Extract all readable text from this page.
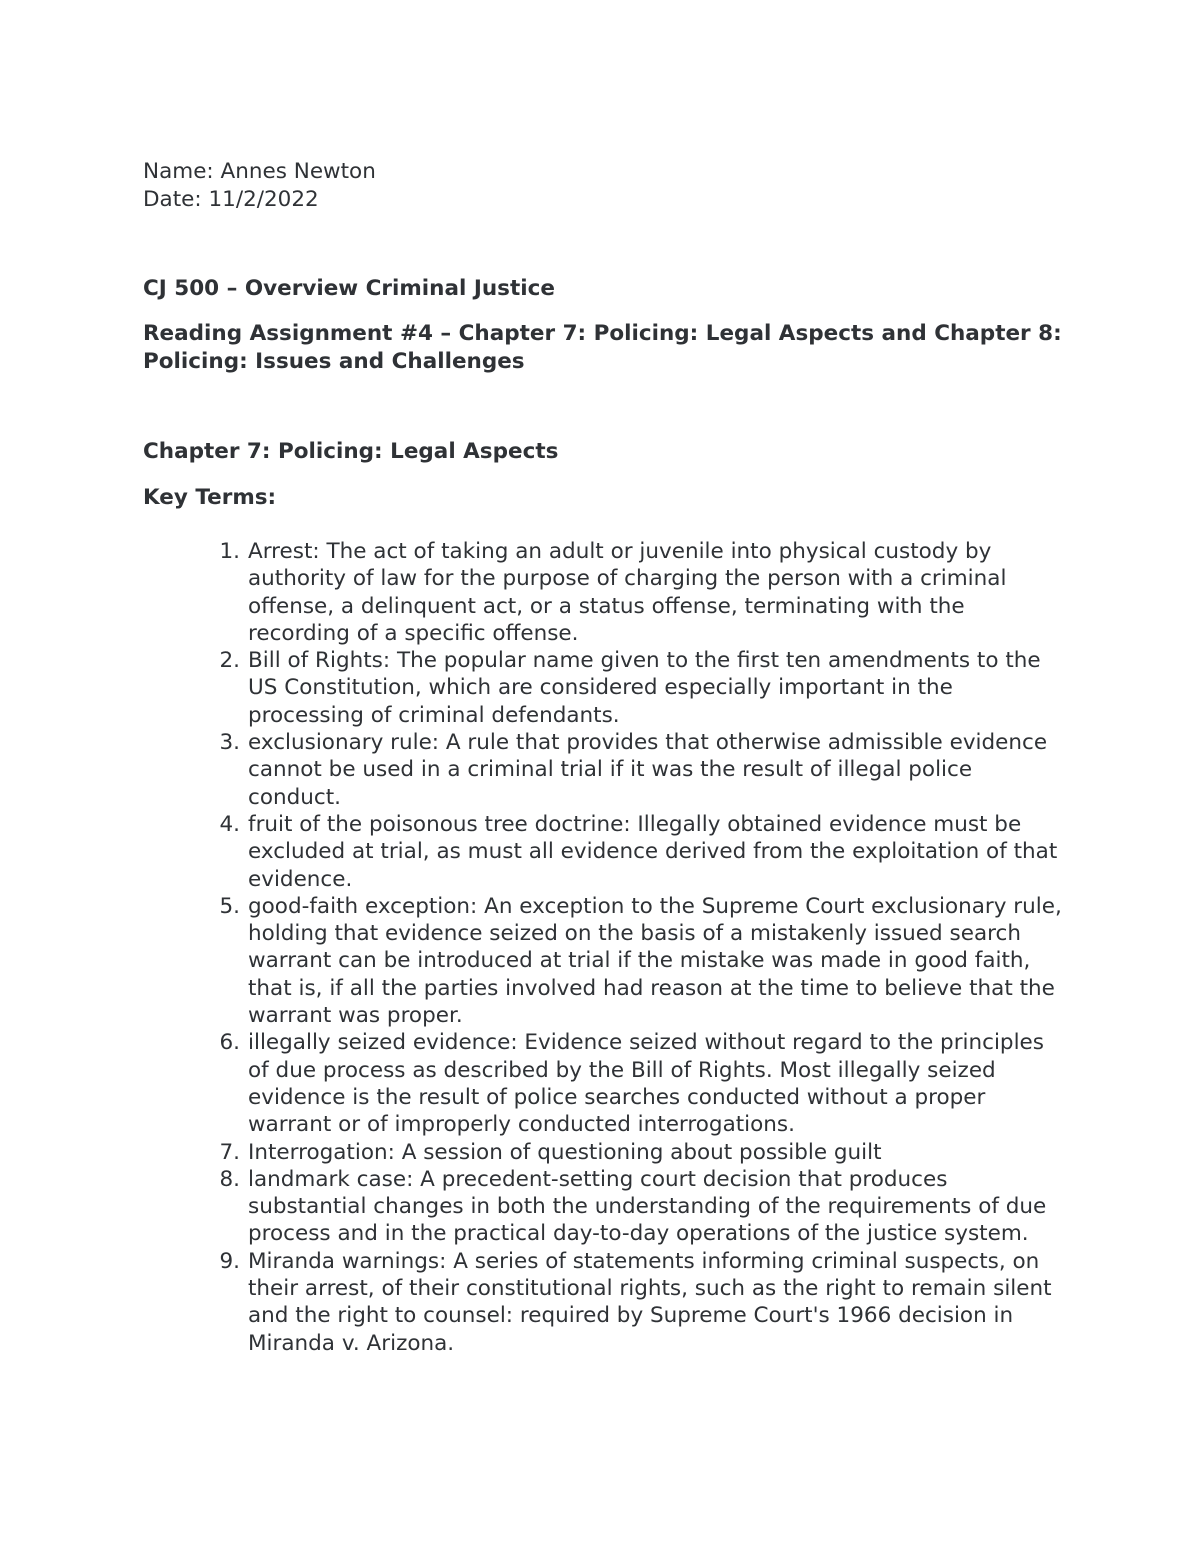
Name: Annes Newton
Date: 11/2/2022
CJ 500 – Overview Criminal Justice
Reading Assignment #4 – Chapter 7: Policing: Legal Aspects and Chapter 8: Policing: Issues and Challenges
Chapter 7: Policing: Legal Aspects
Key Terms:
1. Arrest: The act of taking an adult or juvenile into physical custody by authority of law for the purpose of charging the person with a criminal offense, a delinquent act, or a status offense, terminating with the recording of a specific offense.
2. Bill of Rights: The popular name given to the first ten amendments to the US Constitution, which are considered especially important in the processing of criminal defendants.
3. exclusionary rule: A rule that provides that otherwise admissible evidence cannot be used in a criminal trial if it was the result of illegal police conduct.
4. fruit of the poisonous tree doctrine: Illegally obtained evidence must be excluded at trial, as must all evidence derived from the exploitation of that evidence.
5. good-faith exception: An exception to the Supreme Court exclusionary rule, holding that evidence seized on the basis of a mistakenly issued search warrant can be introduced at trial if the mistake was made in good faith, that is, if all the parties involved had reason at the time to believe that the warrant was proper.
6. illegally seized evidence: Evidence seized without regard to the principles of due process as described by the Bill of Rights. Most illegally seized evidence is the result of police searches conducted without a proper warrant or of improperly conducted interrogations.
7. Interrogation: A session of questioning about possible guilt
8. landmark case: A precedent-setting court decision that produces substantial changes in both the understanding of the requirements of due process and in the practical day-to-day operations of the justice system.
9. Miranda warnings: A series of statements informing criminal suspects, on their arrest, of their constitutional rights, such as the right to remain silent and the right to counsel: required by Supreme Court's 1966 decision in Miranda v. Arizona.
